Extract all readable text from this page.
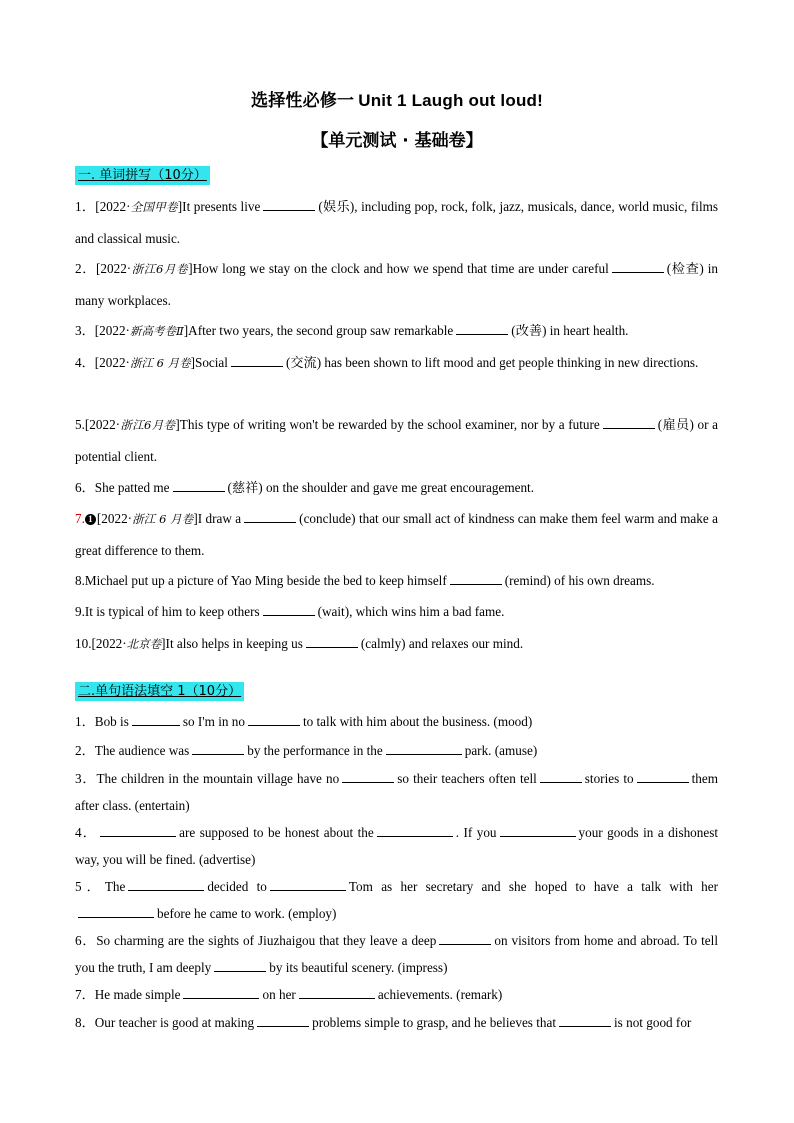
选择性必修一 Unit 1 Laugh out loud!
【单元测试 · 基础卷】
一. 单词拼写（10分）

1．[2022·全国甲卷]It presents live	(娱乐), including pop, rock, folk, jazz, musicals, dance, world music, films and classical music.

2．[2022·浙江6月卷]How long we stay on the clock and how we spend that time are under careful	(检查) in many workplaces.

3．[2022·新高考卷Ⅱ]After two years, the second group saw remarkable	(改善) in heart health.

4．[2022·浙江 6 月卷]Social	(交流) has been shown to lift mood and get people thinking in new directions.

5.[2022·浙江6月卷]This type of writing won't be rewarded by the school examiner, nor by a future	(雇员) or a potential client.

6．She patted me	(慈祥) on the shoulder and gave me great encouragement.

7. 1 [2022·浙江 6 月卷]I draw a	(conclude) that our small act of kindness can make them feel warm and make a great difference to them.

8.Michael put up a picture of Yao Ming beside the bed to keep himself	(remind) of his own dreams.

9.It is typical of him to keep others	(wait), which wins him a bad fame.

10.[2022·北京卷]It also helps in keeping us	(calmly) and relaxes our mind.

二.单句语法填空 1（10分）

1．Bob is	so I'm in no	to talk with him about the business. (mood)

2．The audience was	by the performance in the	park. (amuse)

3．The children in the mountain village have no	so their teachers often tell	stories to	them after class. (entertain)

4．	are supposed to be honest about the	. If you	your goods in a dishonest way, you will be fined. (advertise)

5．The	decided to	Tom as her secretary and she hoped to have a talk with herbefore he came to work. (employ)

6．So charming are the sights of Jiuzhaigou that they leave a deep	on visitors from home and abroad. To tell you the truth, I am deeply	by its beautiful scenery. (impress)

7．He made simple	on her	achievements. (remark)

8．Our teacher is good at making	problems simple to grasp, and he believes that	is not good for
